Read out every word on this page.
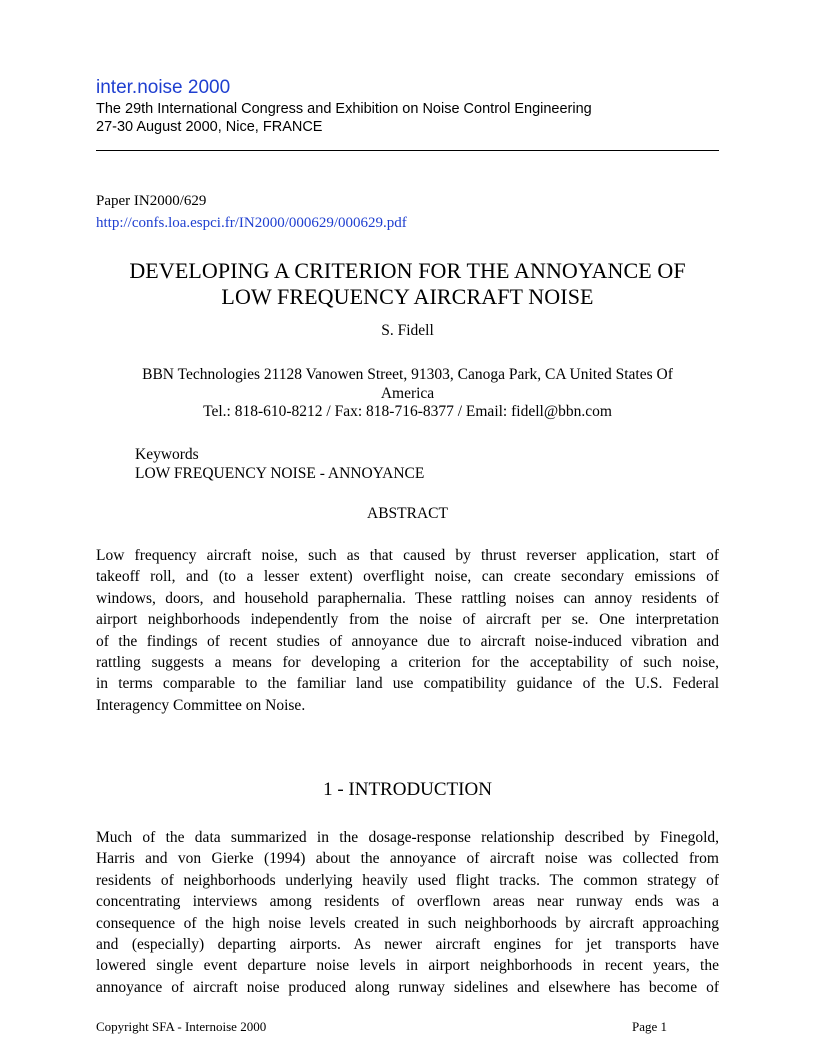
inter.noise 2000
The 29th International Congress and Exhibition on Noise Control Engineering
27-30 August 2000, Nice, FRANCE
Paper IN2000/629
http://confs.loa.espci.fr/IN2000/000629/000629.pdf
DEVELOPING A CRITERION FOR THE ANNOYANCE OF
LOW FREQUENCY AIRCRAFT NOISE
S. Fidell
BBN Technologies 21128 Vanowen Street, 91303, Canoga Park, CA United States Of
America
Tel.: 818-610-8212 / Fax: 818-716-8377 / Email: fidell@bbn.com
Keywords
LOW FREQUENCY NOISE - ANNOYANCE
ABSTRACT
Low frequency aircraft noise, such as that caused by thrust reverser application, start of
takeoff roll, and (to a lesser extent) overflight noise, can create secondary emissions of
windows, doors, and household paraphernalia. These rattling noises can annoy residents of
airport neighborhoods independently from the noise of aircraft per se. One interpretation
of the findings of recent studies of annoyance due to aircraft noise-induced vibration and
rattling suggests a means for developing a criterion for the acceptability of such noise,
in terms comparable to the familiar land use compatibility guidance of the U.S. Federal
Interagency Committee on Noise.
1 - INTRODUCTION
Much of the data summarized in the dosage-response relationship described by Finegold,
Harris and von Gierke (1994) about the annoyance of aircraft noise was collected from
residents of neighborhoods underlying heavily used flight tracks. The common strategy of
concentrating interviews among residents of overflown areas near runway ends was a
consequence of the high noise levels created in such neighborhoods by aircraft approaching
and (especially) departing airports. As newer aircraft engines for jet transports have
lowered single event departure noise levels in airport neighborhoods in recent years, the
annoyance of aircraft noise produced along runway sidelines and elsewhere has become of
Copyright SFA - Internoise 2000	Page 1
